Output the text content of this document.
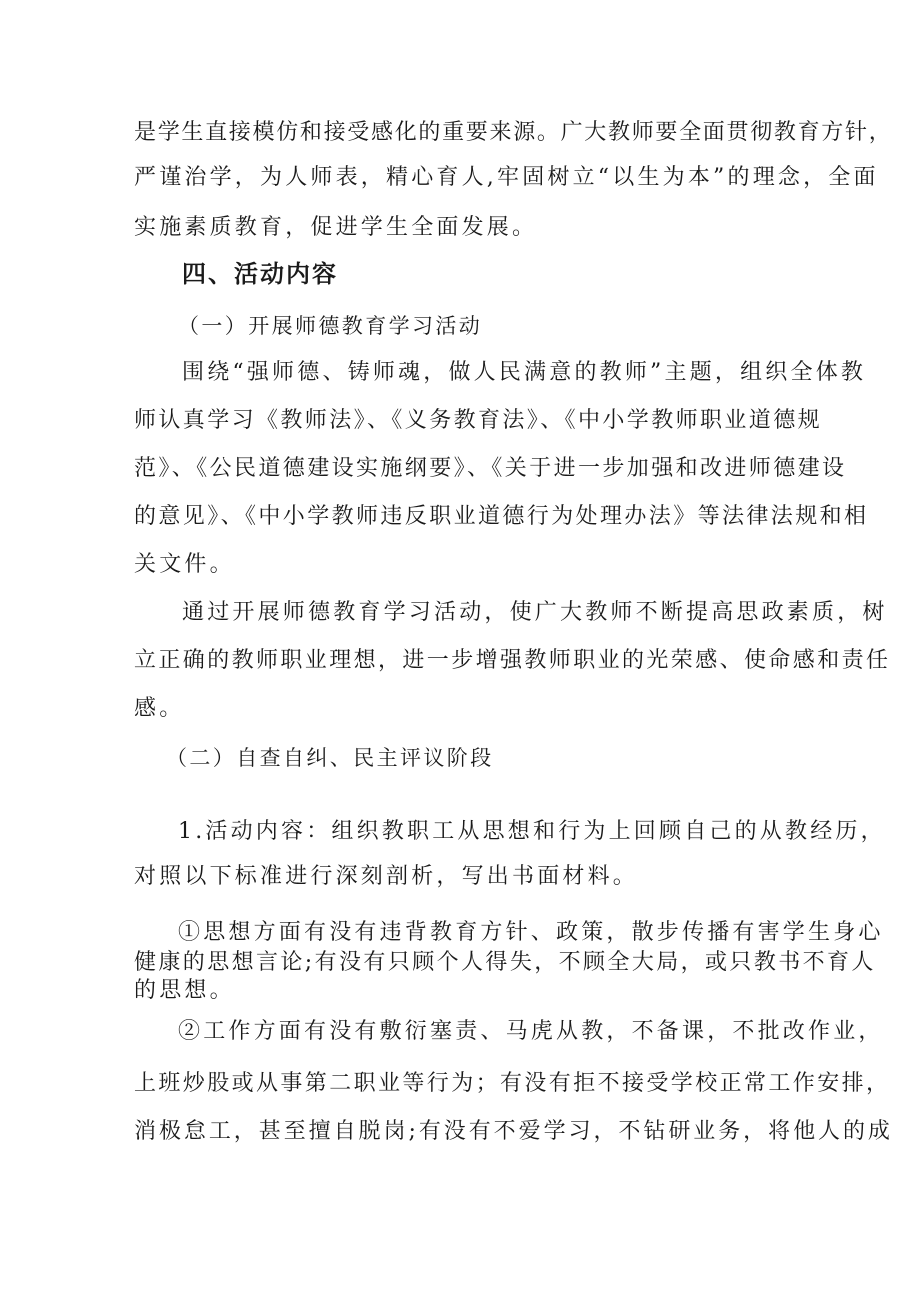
是学生直接模仿和接受感化的重要来源。广大教师要全面贯彻教育方针，
严谨治学，为人师表，精心育人,牢固树立“以生为本”的理念，全面
实施素质教育，促进学生全面发展。
四、活动内容
（一）开展师德教育学习活动
围绕“强师德、铸师魂，做人民满意的教师”主题，组织全体教
师认真学习《教师法》、《义务教育法》、《中小学教师职业道德规
范》、《公民道德建设实施纲要》、《关于进一步加强和改进师德建设
的意见》、《中小学教师违反职业道德行为处理办法》等法律法规和相
关文件。
通过开展师德教育学习活动，使广大教师不断提高思政素质，树
立正确的教师职业理想，进一步增强教师职业的光荣感、使命感和责任
感。
（二）自查自纠、民主评议阶段
1.活动内容：组织教职工从思想和行为上回顾自己的从教经历，
对照以下标准进行深刻剖析，写出书面材料。
①思想方面有没有违背教育方针、政策，散步传播有害学生身心
健康的思想言论;有没有只顾个人得失，不顾全大局，或只教书不育人
的思想。
②工作方面有没有敷衍塞责、马虎从教，不备课，不批改作业，
上班炒股或从事第二职业等行为；有没有拒不接受学校正常工作安排，
消极怠工，甚至擅自脱岗;有没有不爱学习，不钻研业务，将他人的成
